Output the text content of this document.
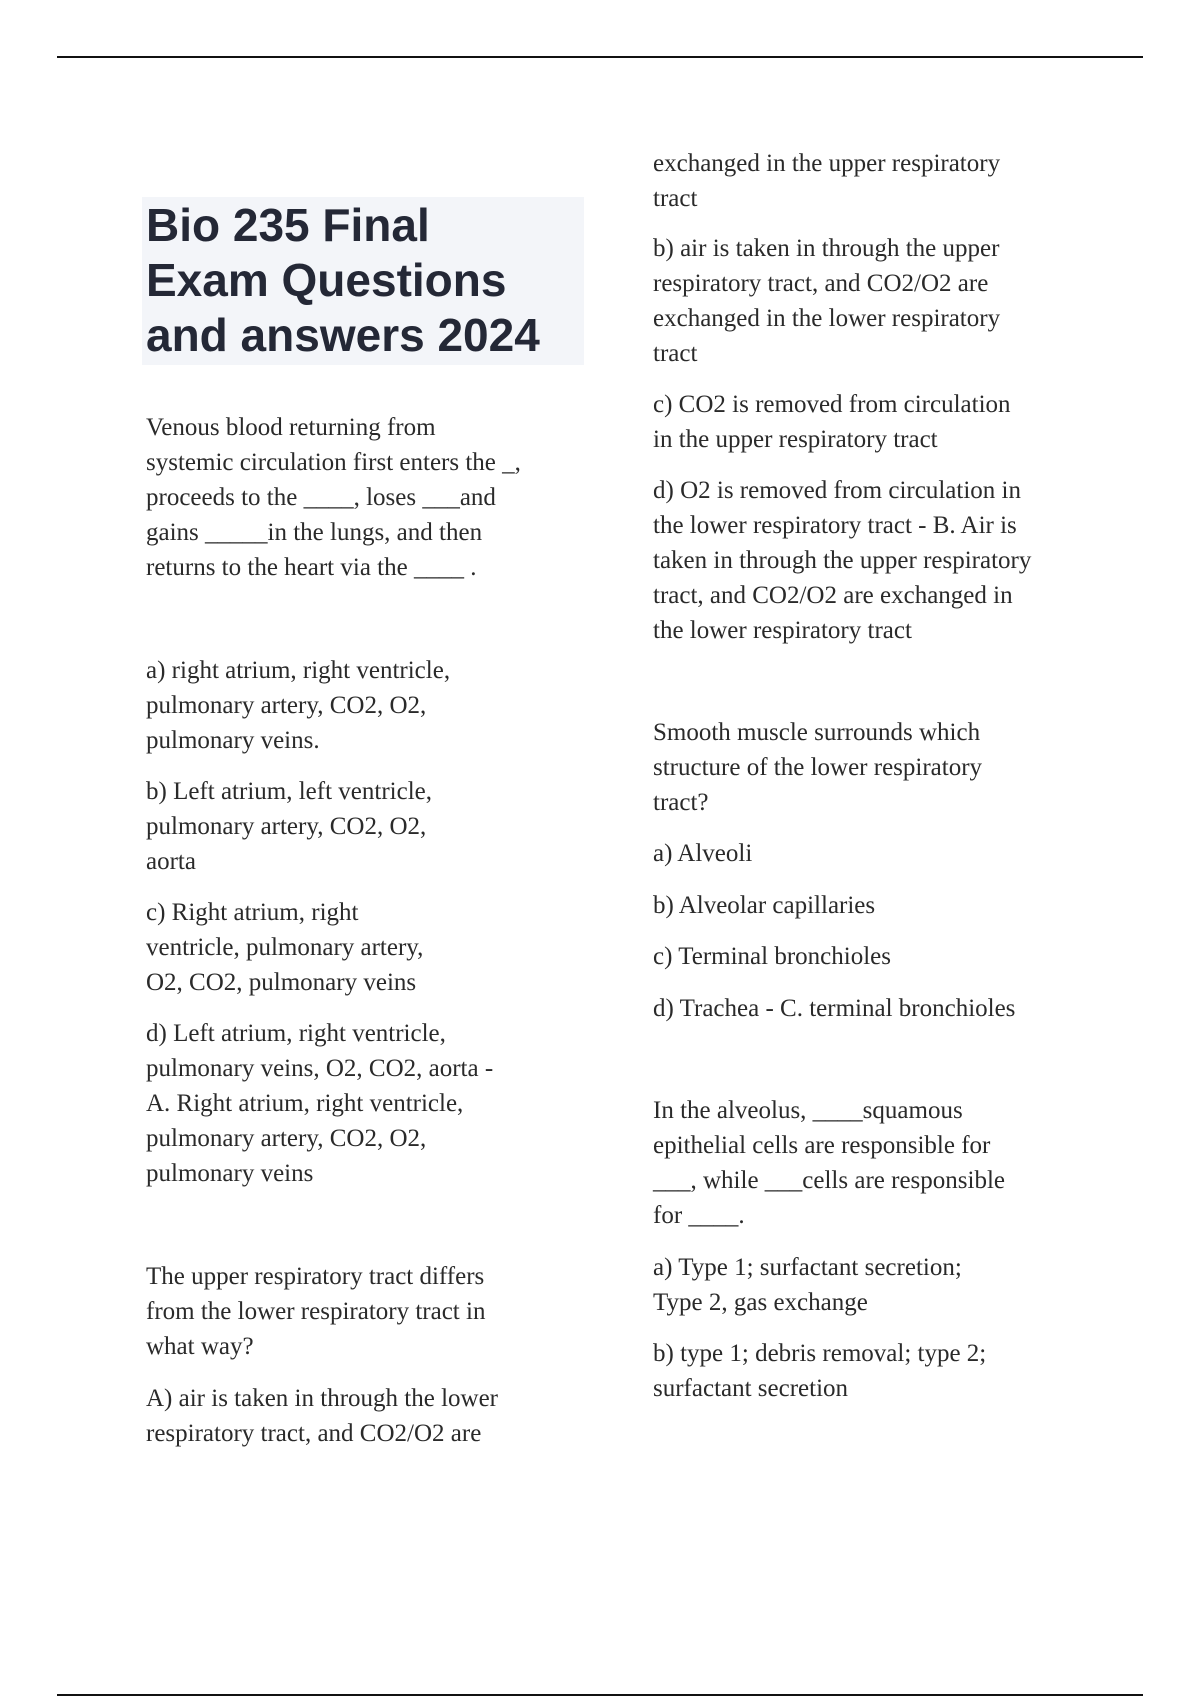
Bio 235 Final
Exam Questions
and answers 2024

Venous blood returning from
systemic circulation first enters the _,
proceeds to the ____, loses ___and
gains _____in the lungs, and then
returns to the heart via the ____ .

a) right atrium, right ventricle,
pulmonary artery, CO2, O2,
pulmonary veins.

b) Left atrium, left ventricle,
pulmonary artery, CO2, O2,
aorta

c) Right atrium, right
ventricle, pulmonary artery,
O2, CO2, pulmonary veins

d) Left atrium, right ventricle,
pulmonary veins, O2, CO2, aorta -
A. Right atrium, right ventricle,
pulmonary artery, CO2, O2,
pulmonary veins

The upper respiratory tract differs
from the lower respiratory tract in
what way?

A) air is taken in through the lower
respiratory tract, and CO2/O2 are

exchanged in the upper respiratory
tract

b) air is taken in through the upper
respiratory tract, and CO2/O2 are
exchanged in the lower respiratory
tract

c) CO2 is removed from circulation
in the upper respiratory tract

d) O2 is removed from circulation in
the lower respiratory tract - B. Air is
taken in through the upper respiratory
tract, and CO2/O2 are exchanged in
the lower respiratory tract

Smooth muscle surrounds which
structure of the lower respiratory
tract?

a) Alveoli

b) Alveolar capillaries

c) Terminal bronchioles

d) Trachea - C. terminal bronchioles

In the alveolus, ____squamous
epithelial cells are responsible for
___, while ___cells are responsible
for ____.

a) Type 1; surfactant secretion;
Type 2, gas exchange

b) type 1; debris removal; type 2;
surfactant secretion
